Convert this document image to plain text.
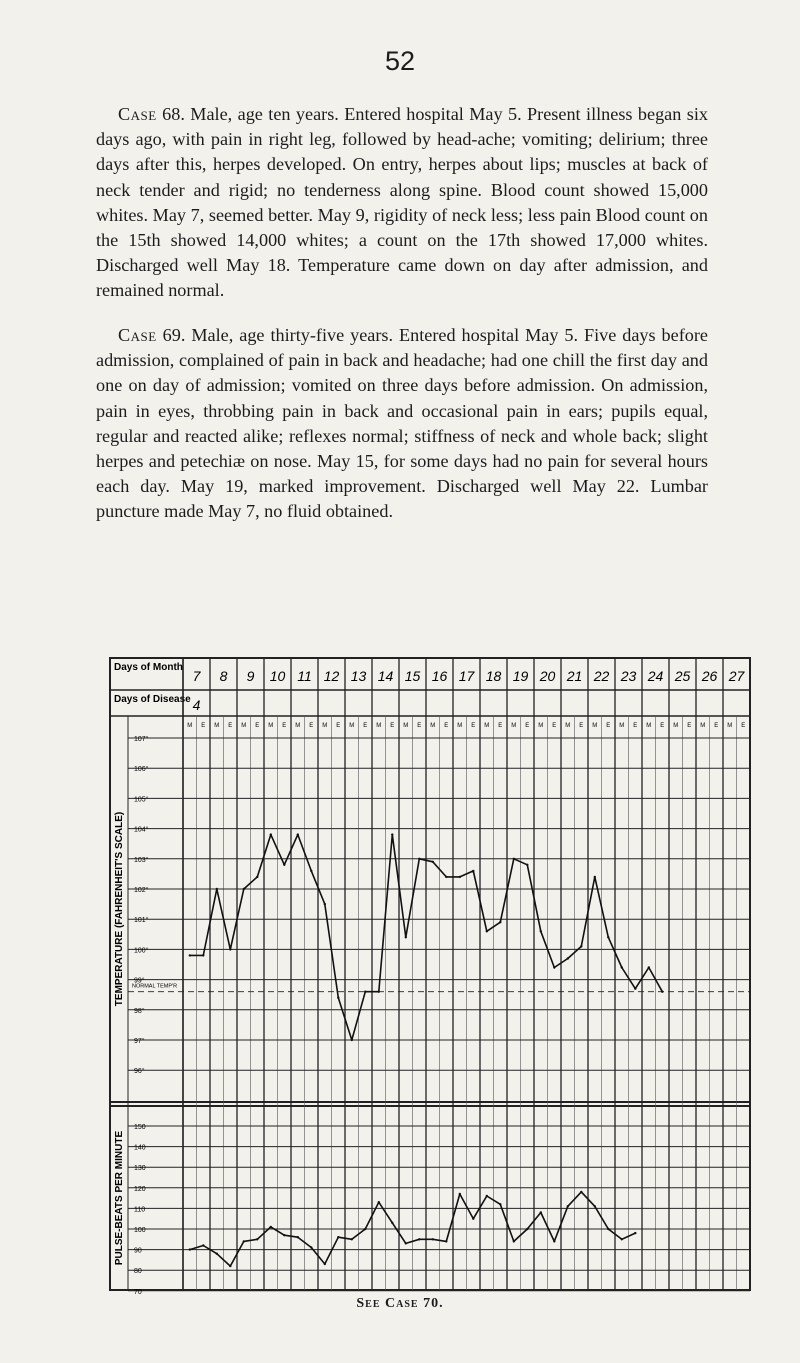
52

Case 68. Male, age ten years. Entered hospital May 5. Present illness began six days ago, with pain in right leg, followed by head-ache; vomiting; delirium; three days after this, herpes developed. On entry, herpes about lips; muscles at back of neck tender and rigid; no tenderness along spine. Blood count showed 15,000 whites. May 7, seemed better. May 9, rigidity of neck less; less pain Blood count on the 15th showed 14,000 whites; a count on the 17th showed 17,000 whites. Discharged well May 18. Temperature came down on day after admission, and remained normal.

Case 69. Male, age thirty-five years. Entered hospital May 5. Five days before admission, complained of pain in back and headache; had one chill the first day and one on day of admission; vomited on three days before admission. On admission, pain in eyes, throbbing pain in back and occasional pain in ears; pupils equal, regular and reacted alike; reflexes normal; stiffness of neck and whole back; slight herpes and petechiæ on nose. May 15, for some days had no pain for several hours each day. May 19, marked improvement. Discharged well May 22. Lumbar puncture made May 7, no fluid obtained.

Days of Month
Days of Disease
7
M E
8
M E
9
M E
10
M E
11
M E
12
M E
13
M E
14
M E
15
M E
16
M E
17
M E
18
M E
19
M E
20
M E
21
M E
22
M E
23
M E
24
M E
25
M E
26
M E
27
M E
4
107°
106°
105°
104°
103°
102°
101°
100°
99°
98°
97°
96°
NORMAL TEMP'R
TEMPERATURE (FAHRENHEIT'S SCALE)
150
140
130
120
110
100
90
80
70
PULSE-BEATS PER MINUTE
See Case 70.
